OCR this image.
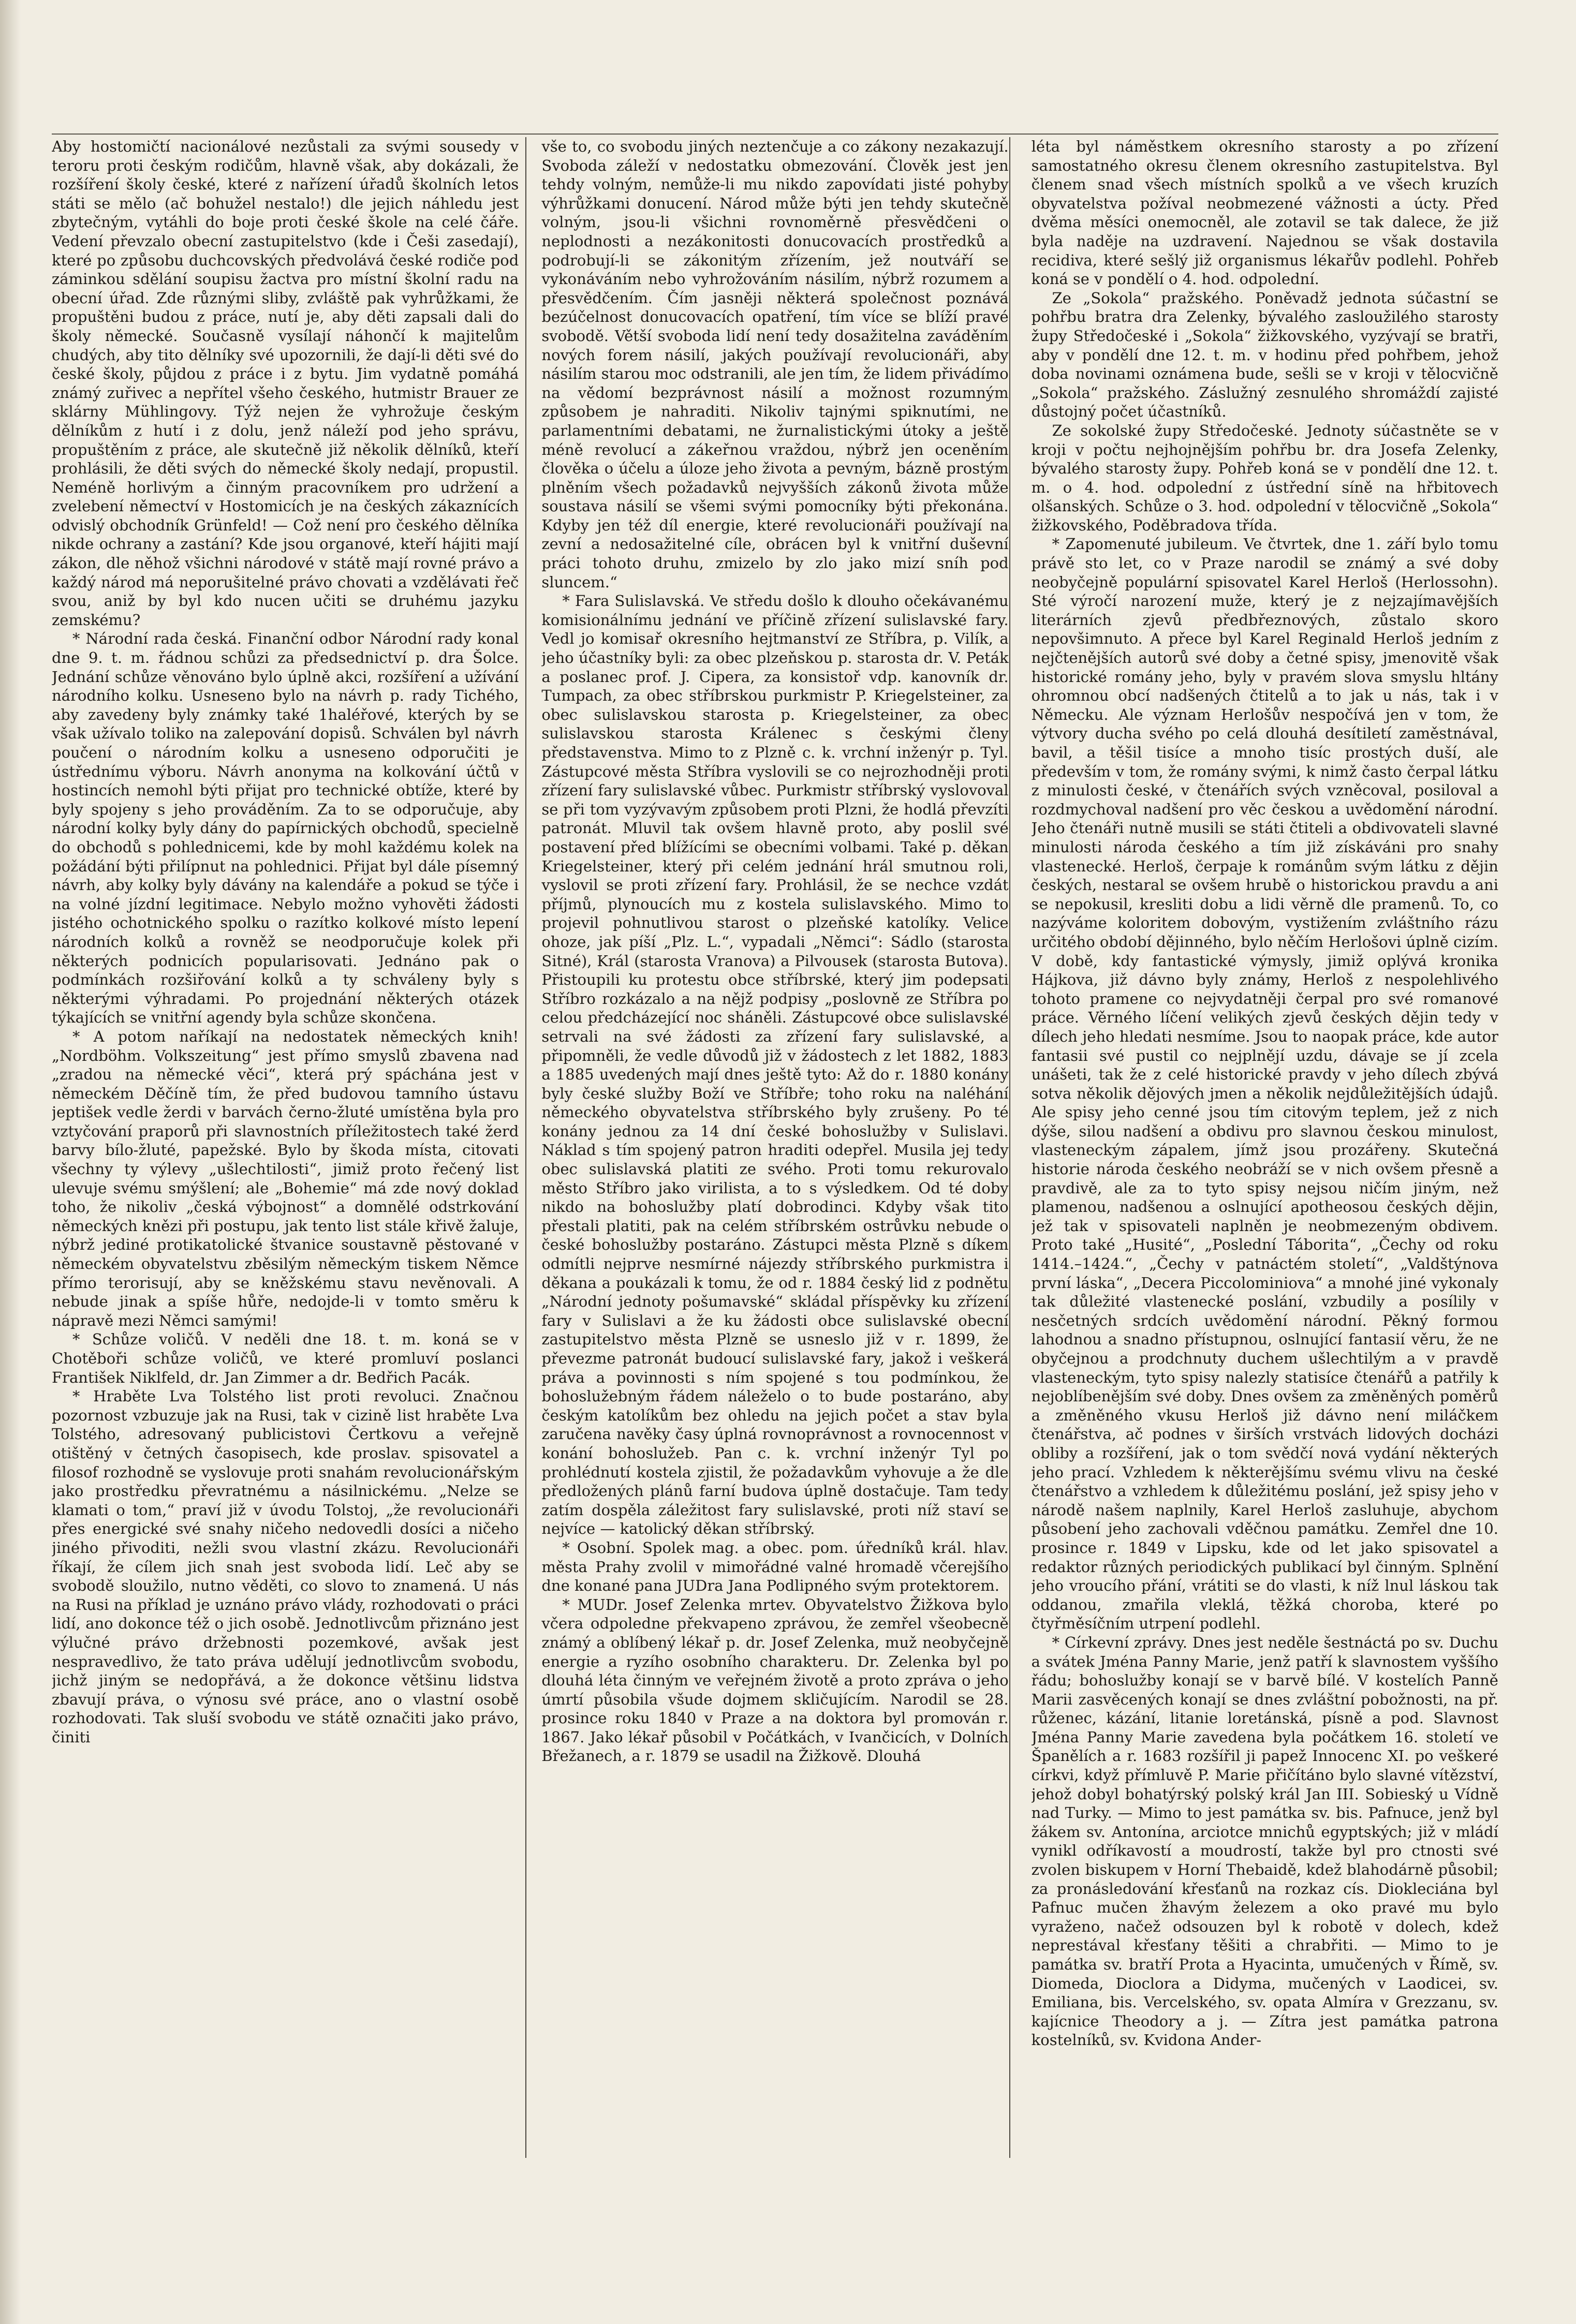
Aby hostomičtí nacionálové nezůstali za svými sousedy v teroru proti českým rodičům, hlavně však, aby dokázali, že rozšíření školy české, které z nařízení úřadů školních letos státi se mělo (ač bohužel nestalo!) dle jejich náhledu jest zbytečným, vytáhli do boje proti české škole na celé čáře. Vedení převzalo obecní zastupitelstvo (kde i Češi zasedají), které po způsobu duchcovských předvolává české rodiče pod záminkou sdělání soupisu žactva pro místní školní radu na obecní úřad. Zde různými sliby, zvláště pak vyhrůžkami, že propuštěni budou z práce, nutí je, aby děti zapsali dali do školy německé. Současně vysílají náhončí k majitelům chudých, aby tito dělníky své upozornili, že dají-li děti své do české školy, půjdou z práce i z bytu. Jim vydatně pomáhá známý zuřivec a nepřítel všeho českého, hutmistr Brauer ze sklárny Mühlingovy. Týž nejen že vyhrožuje českým dělníkům z hutí i z dolu, jenž náleží pod jeho správu, propuštěním z práce, ale skutečně již několik dělníků, kteří prohlásili, že děti svých do německé školy nedají, propustil. Neméně horlivým a činným pracovníkem pro udržení a zvelebení němectví v Hostomicích je na českých zákaznících odvislý obchodník Grünfeld! — Což není pro českého dělníka nikde ochrany a zastání? Kde jsou organové, kteří hájiti mají zákon, dle něhož všichni národové v státě mají rovné právo a každý národ má neporušitelné právo chovati a vzdělávati řeč svou, aniž by byl kdo nucen učiti se druhému jazyku zemskému?

* Národní rada česká. Finanční odbor Národní rady konal dne 9. t. m. řádnou schůzi za předsednictví p. dra Šolce. Jednání schůze věnováno bylo úplně akci, rozšíření a užívání národního kolku. Usneseno bylo na návrh p. rady Tichého, aby zavedeny byly známky také 1haléřové, kterých by se však užívalo toliko na zalepování dopisů. Schválen byl návrh poučení o národním kolku a usneseno odporučiti je ústřednímu výboru. Návrh anonyma na kolkování účtů v hostincích nemohl býti přijat pro technické obtíže, které by byly spojeny s jeho prováděním. Za to se odporučuje, aby národní kolky byly dány do papírnických obchodů, specielně do obchodů s pohlednicemi, kde by mohl každému kolek na požádání býti přilípnut na pohlednici. Přijat byl dále písemný návrh, aby kolky byly dávány na kalendáře a pokud se týče i na volné jízdní legitimace. Nebylo možno vyhověti žádosti jistého ochotnického spolku o razítko kolkové místo lepení národních kolků a rovněž se neodporučuje kolek při některých podnicích popularisovati. Jednáno pak o podmínkách rozšiřování kolků a ty schváleny byly s některými výhradami. Po projednání některých otázek týkajících se vnitřní agendy byla schůze skončena.

* A potom naříkají na nedostatek německých knih! „Nordböhm. Volkszeitung“ jest přímo smyslů zbavena nad „zradou na německé věci“, která prý spáchána jest v německém Děčíně tím, že před budovou tamního ústavu jeptišek vedle žerdi v barvách černo-žluté umístěna byla pro vztyčování praporů při slavnostních příležitostech také žerď barvy bílo-žluté, papežské. Bylo by škoda místa, citovati všechny ty výlevy „ušlechtilosti“, jimiž proto řečený list ulevuje svému smýšlení; ale „Bohemie“ má zde nový doklad toho, že nikoliv „česká výbojnost“ a domnělé odstrkování německých knězi při postupu, jak tento list stále křivě žaluje, nýbrž jediné protikatolické štvanice soustavně pěstované v německém obyvatelstvu zběsilým německým tiskem Němce přímo terorisují, aby se kněžskému stavu nevěnovali. A nebude jinak a spíše hůře, nedojde-li v tomto směru k nápravě mezi Němci samými!

* Schůze voličů. V neděli dne 18. t. m. koná se v Chotěboři schůze voličů, ve které promluví poslanci František Niklfeld, dr. Jan Zimmer a dr. Bedřich Pacák.

* Hraběte Lva Tolstého list proti revoluci. Značnou pozornost vzbuzuje jak na Rusi, tak v cizině list hraběte Lva Tolstého, adresovaný publicistovi Čertkovu a veřejně otištěný v četných časopisech, kde proslav. spisovatel a filosof rozhodně se vyslovuje proti snahám revolucionářským jako prostředku převratnému a násilnickému. „Nelze se klamati o tom,“ praví již v úvodu Tolstoj, „že revolucionáři přes energické své snahy ničeho nedovedli dosíci a ničeho jiného přivoditi, nežli svou vlastní zkázu. Revolucionáři říkají, že cílem jich snah jest svoboda lidí. Leč aby se svobodě sloužilo, nutno věděti, co slovo to znamená. U nás na Rusi na příklad je uznáno právo vlády, rozhodovati o práci lidí, ano dokonce též o jich osobě. Jednotlivcům přiznáno jest výlučné právo držebnosti pozemkové, avšak jest nespravedlivo, že tato práva udělují jednotlivcům svobodu, jichž jiným se nedopřává, a že dokonce většinu lidstva zbavují práva, o výnosu své práce, ano o vlastní osobě rozhodovati. Tak sluší svobodu ve státě označiti jako právo, činiti

vše to, co svobodu jiných neztenčuje a co zákony nezakazují. Svoboda záleží v nedostatku obmezování. Člověk jest jen tehdy volným, nemůže-li mu nikdo zapovídati jisté pohyby výhrůžkami donucení. Národ může býti jen tehdy skutečně volným, jsou-li všichni rovnoměrně přesvědčeni o neplodnosti a nezákonitosti donucovacích prostředků a podrobují-li se zákonitým zřízením, jež noutváří se vykonáváním nebo vyhrožováním násilím, nýbrž rozumem a přesvědčením. Čím jasněji některá společnost poznává bezúčelnost donucovacích opatření, tím více se blíží pravé svobodě. Větší svoboda lidí není tedy dosažitelna zaváděním nových forem násilí, jakých používají revolucionáři, aby násilím starou moc odstranili, ale jen tím, že lidem přivádímo na vědomí bezprávnost násilí a možnost rozumným způsobem je nahraditi. Nikoliv tajnými spiknutími, ne parlamentními debatami, ne žurnalistickými útoky a ještě méně revolucí a zákeřnou vraždou, nýbrž jen oceněním člověka o účelu a úloze jeho života a pevným, bázně prostým plněním všech požadavků nejvyšších zákonů života může soustava násilí se všemi svými pomocníky býti překonána. Kdyby jen též díl energie, které revolucionáři používají na zevní a nedosažitelné cíle, obrácen byl k vnitřní duševní práci tohoto druhu, zmizelo by zlo jako mizí sníh pod sluncem.“

* Fara Sulislavská. Ve středu došlo k dlouho očekávanému komisionálnímu jednání ve příčině zřízení sulislavské fary. Vedl jo komisař okresního hejtmanství ze Stříbra, p. Vilík, a jeho účastníky byli: za obec plzeňskou p. starosta dr. V. Peták a poslanec prof. J. Cipera, za konsistoř vdp. kanovník dr. Tumpach, za obec stříbrskou purkmistr P. Kriegelsteiner, za obec sulislavskou starosta p. Kriegelsteiner, za obec sulislavskou starosta Králenec s českými členy představenstva. Mimo to z Plzně c. k. vrchní inženýr p. Tyl. Zástupcové města Stříbra vyslovili se co nejrozhodněji proti zřízení fary sulislavské vůbec. Purkmistr stříbrský vyslovoval se při tom vyzývavým způsobem proti Plzni, že hodlá převzíti patronát. Mluvil tak ovšem hlavně proto, aby poslil své postavení před blížícími se obecními volbami. Také p. děkan Kriegelsteiner, který při celém jednání hrál smutnou roli, vyslovil se proti zřízení fary. Prohlásil, že se nechce vzdát příjmů, plynoucích mu z kostela sulislavského. Mimo to projevil pohnutlivou starost o plzeňské katolíky. Velice ohoze, jak píší „Plz. L.“, vypadali „Němci“: Sádlo (starosta Sitné), Král (starosta Vranova) a Pilvousek (starosta Butova). Přistoupili ku protestu obce stříbrské, který jim podepsati Stříbro rozkázalo a na nějž podpisy „poslovně ze Stříbra po celou předcházející noc sháněli. Zástupcové obce sulislavské setrvali na své žádosti za zřízení fary sulislavské, a připomněli, že vedle důvodů již v žádostech z let 1882, 1883 a 1885 uvedených mají dnes ještě tyto: Až do r. 1880 konány byly české služby Boží ve Stříbře; toho roku na naléhání německého obyvatelstva stříbrského byly zrušeny. Po té konány jednou za 14 dní české bohoslužby v Sulislavi. Náklad s tím spojený patron hraditi odepřel. Musila jej tedy obec sulislavská platiti ze svého. Proti tomu rekurovalo město Stříbro jako virilista, a to s výsledkem. Od té doby nikdo na bohoslužby platí dobrodinci. Kdyby však tito přestali platiti, pak na celém stříbrském ostrůvku nebude o české bohoslužby postaráno. Zástupci města Plzně s díkem odmítli nejprve nesmírné nájezdy stříbrského purkmistra i děkana a poukázali k tomu, že od r. 1884 český lid z podnětu „Národní jednoty pošumavské“ skládal příspěvky ku zřízení fary v Sulislavi a že ku žádosti obce sulislavské obecní zastupitelstvo města Plzně se usneslo již v r. 1899, že převezme patronát budoucí sulislavské fary, jakož i veškerá práva a povinnosti s ním spojené s tou podmínkou, že bohoslužebným řádem náleželo o to bude postaráno, aby českým katolíkům bez ohledu na jejich počet a stav byla zaručena navěky časy úplná rovnoprávnost a rovnocennost v konání bohoslužeb. Pan c. k. vrchní inženýr Tyl po prohlédnutí kostela zjistil, že požadavkům vyhovuje a že dle předložených plánů farní budova úplně dostačuje. Tam tedy zatím dospěla záležitost fary sulislavské, proti níž staví se nejvíce — katolický děkan stříbrský.

* Osobní. Spolek mag. a obec. pom. úředníků král. hlav. města Prahy zvolil v mimořádné valné hromadě včerejšího dne konané pana JUDra Jana Podlipného svým protektorem.

* MUDr. Josef Zelenka mrtev. Obyvatelstvo Žižkova bylo včera odpoledne překvapeno zprávou, že zemřel všeobecně známý a oblíbený lékař p. dr. Josef Zelenka, muž neobyčejně energie a ryzího osobního charakteru. Dr. Zelenka byl po dlouhá léta činným ve veřejném životě a proto zpráva o jeho úmrtí působila všude dojmem skličujícím. Narodil se 28. prosince roku 1840 v Praze a na doktora byl promován r. 1867. Jako lékař působil v Počátkách, v Ivančicích, v Dolních Břežanech, a r. 1879 se usadil na Žižkově. Dlouhá

léta byl náměstkem okresního starosty a po zřízení samostatného okresu členem okresního zastupitelstva. Byl členem snad všech místních spolků a ve všech kruzích obyvatelstva požíval neobmezené vážnosti a úcty. Před dvěma měsíci onemocněl, ale zotavil se tak dalece, že již byla naděje na uzdravení. Najednou se však dostavila recidiva, které sešlý již organismus lékařův podlehl. Pohřeb koná se v pondělí o 4. hod. odpolední.

Ze „Sokola“ pražského. Poněvadž jednota súčastní se pohřbu bratra dra Zelenky, bývalého zasloužilého starosty župy Středočeské i „Sokola“ žižkovského, vyzývají se bratři, aby v pondělí dne 12. t. m. v hodinu před pohřbem, jehož doba novinami oznámena bude, sešli se v kroji v tělocvičně „Sokola“ pražského. Záslužný zesnulého shromáždí zajisté důstojný počet účastníků.

Ze sokolské župy Středočeské. Jednoty súčastněte se v kroji v počtu nejhojnějším pohřbu br. dra Josefa Zelenky, bývalého starosty župy. Pohřeb koná se v pondělí dne 12. t. m. o 4. hod. odpolední z ústřední síně na hřbitovech olšanských. Schůze o 3. hod. odpolední v tělocvičně „Sokola“ žižkovského, Poděbradova třída.

* Zapomenuté jubileum. Ve čtvrtek, dne 1. září bylo tomu právě sto let, co v Praze narodil se známý a své doby neobyčejně populární spisovatel Karel Herloš (Herlossohn). Sté výročí narození muže, který je z nejzajímavějších literárních zjevů předbřeznových, zůstalo skoro nepovšimnuto. A přece byl Karel Reginald Herloš jedním z nejčtenějších autorů své doby a četné spisy, jmenovitě však historické romány jeho, byly v pravém slova smyslu hltány ohromnou obcí nadšených čtitelů a to jak u nás, tak i v Německu. Ale význam Herlošův nespočívá jen v tom, že výtvory ducha svého po celá dlouhá desítiletí zaměstnával, bavil, a těšil tisíce a mnoho tisíc prostých duší, ale především v tom, že romány svými, k nimž často čerpal látku z minulosti české, v čtenářích svých vzněcoval, posiloval a rozdmychoval nadšení pro věc českou a uvědomění národní. Jeho čtenáři nutně musili se státi čtiteli a obdivovateli slavné minulosti národa českého a tím již získáváni pro snahy vlastenecké. Herloš, čerpaje k románům svým látku z dějin českých, nestaral se ovšem hrubě o historickou pravdu a ani se nepokusil, kresliti dobu a lidi věrně dle pramenů. To, co nazýváme koloritem dobovým, vystižením zvláštního rázu určitého období dějinného, bylo něčím Herlošovi úplně cizím. V době, kdy fantastické výmysly, jimiž oplývá kronika Hájkova, již dávno byly známy, Herloš z nespolehlivého tohoto pramene co nejvydatněji čerpal pro své romanové práce. Věrného líčení velikých zjevů českých dějin tedy v dílech jeho hledati nesmíme. Jsou to naopak práce, kde autor fantasii své pustil co nejplnějí uzdu, dávaje se jí zcela unášeti, tak že z celé historické pravdy v jeho dílech zbývá sotva několik dějových jmen a několik nejdůležitějších údajů. Ale spisy jeho cenné jsou tím citovým teplem, jež z nich dýše, silou nadšení a obdivu pro slavnou českou minulost, vlasteneckým zápalem, jímž jsou prozářeny. Skutečná historie národa českého neobráží se v nich ovšem přesně a pravdivě, ale za to tyto spisy nejsou ničím jiným, než plamenou, nadšenou a oslnující apotheosou českých dějin, jež tak v spisovateli naplněn je neobmezeným obdivem. Proto také „Husité“, „Poslední Táborita“, „Čechy od roku 1414.–1424.“, „Čechy v patnáctém století“, „Valdštýnova první láska“, „Decera Piccolominiova“ a mnohé jiné vykonaly tak důležité vlastenecké poslání, vzbudily a posílily v nesčetných srdcích uvědomění národní. Pěkný formou lahodnou a snadno přístupnou, oslnující fantasií věru, že ne obyčejnou a prodchnuty duchem ušlechtilým a v pravdě vlasteneckým, tyto spisy nalezly statisíce čtenářů a patřily k nejoblíbenějším své doby. Dnes ovšem za změněných poměrů a změněného vkusu Herloš již dávno není miláčkem čtenářstva, ač podnes v širších vrstvách lidových docházi obliby a rozšíření, jak o tom svědčí nová vydání některých jeho prací. Vzhledem k některějšímu svému vlivu na české čtenářstvo a vzhledem k důležitému poslání, jež spisy jeho v národě našem naplnily, Karel Herloš zasluhuje, abychom působení jeho zachovali vděčnou památku. Zemřel dne 10. prosince r. 1849 v Lipsku, kde od let jako spisovatel a redaktor různých periodických publikací byl činným. Splnění jeho vroucího přání, vrátiti se do vlasti, k níž lnul láskou tak oddanou, zmařila vleklá, těžká choroba, které po čtyřměsíčním utrpení podlehl.

* Církevní zprávy. Dnes jest neděle šestnáctá po sv. Duchu a svátek Jména Panny Marie, jenž patří k slavnostem vyššího řádu; bohoslužby konají se v barvě bílé. V kostelích Panně Marii zasvěcených konají se dnes zvláštní pobožnosti, na př. růženec, kázání, litanie loretánská, písně a pod. Slavnost Jména Panny Marie zavedena byla počátkem 16. století ve Španělích a r. 1683 rozšířil ji papež Innocenc XI. po veškeré církvi, když přímluvě P. Marie přičítáno bylo slavné vítězství, jehož dobyl bohatýrský polský král Jan III. Sobieský u Vídně nad Turky. — Mimo to jest památka sv. bis. Pafnuce, jenž byl žákem sv. Antonína, arciotce mnichů egyptských; již v mládí vynikl odříkavostí a moudrostí, takže byl pro ctnosti své zvolen biskupem v Horní Thebaidě, kdež blahodárně působil; za pronásledování křesťanů na rozkaz cís. Diokleciána byl Pafnuc mučen žhavým železem a oko pravé mu bylo vyraženo, načež odsouzen byl k robotě v dolech, kdež neprestával křesťany těšiti a chrabřiti. — Mimo to je památka sv. bratří Prota a Hyacinta, umučených v Římě, sv. Diomeda, Dioclora a Didyma, mučených v Laodicei, sv. Emiliana, bis. Vercelského, sv. opata Almíra v Grezzanu, sv. kajícnice Theodory a j. — Zítra jest památka patrona kostelníků, sv. Kvidona Ander-
